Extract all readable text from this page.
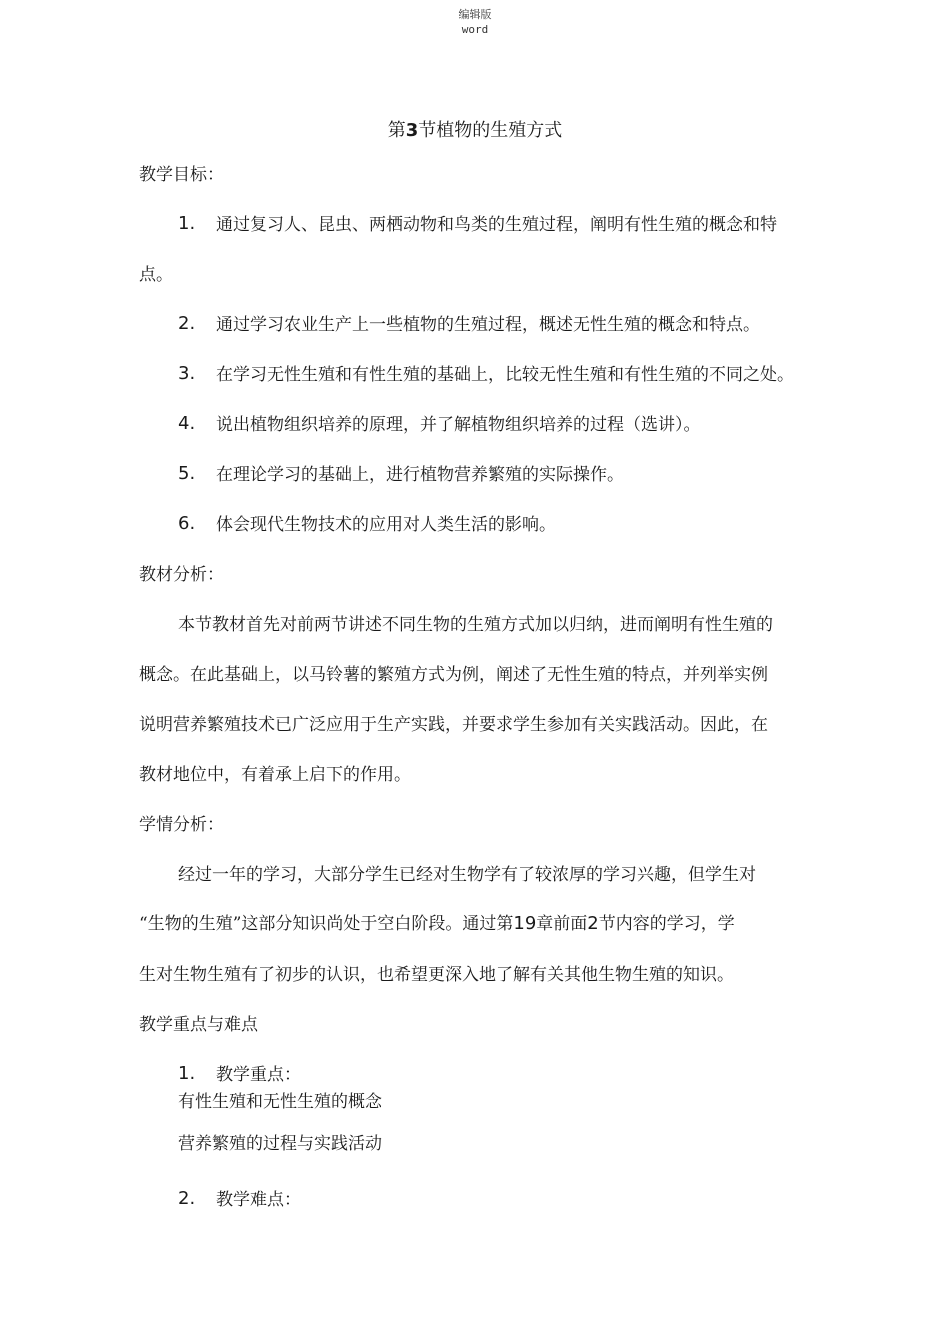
编辑版
word
第3节植物的生殖方式
教学目标：
1. 通过复习人、昆虫、两栖动物和鸟类的生殖过程，阐明有性生殖的概念和特
点。
2. 通过学习农业生产上一些植物的生殖过程，概述无性生殖的概念和特点。
3. 在学习无性生殖和有性生殖的基础上，比较无性生殖和有性生殖的不同之处。
4. 说出植物组织培养的原理，并了解植物组织培养的过程（选讲）。
5. 在理论学习的基础上，进行植物营养繁殖的实际操作。
6. 体会现代生物技术的应用对人类生活的影响。
教材分析：
本节教材首先对前两节讲述不同生物的生殖方式加以归纳，进而阐明有性生殖的
概念。在此基础上，以马铃薯的繁殖方式为例，阐述了无性生殖的特点，并列举实例
说明营养繁殖技术已广泛应用于生产实践，并要求学生参加有关实践活动。因此，在
教材地位中，有着承上启下的作用。
学情分析：
经过一年的学习，大部分学生已经对生物学有了较浓厚的学习兴趣，但学生对
“生物的生殖”这部分知识尚处于空白阶段。通过第19章前面2节内容的学习，学
生对生物生殖有了初步的认识，也希望更深入地了解有关其他生物生殖的知识。
教学重点与难点
1. 教学重点：
有性生殖和无性生殖的概念
营养繁殖的过程与实践活动
2. 教学难点：
